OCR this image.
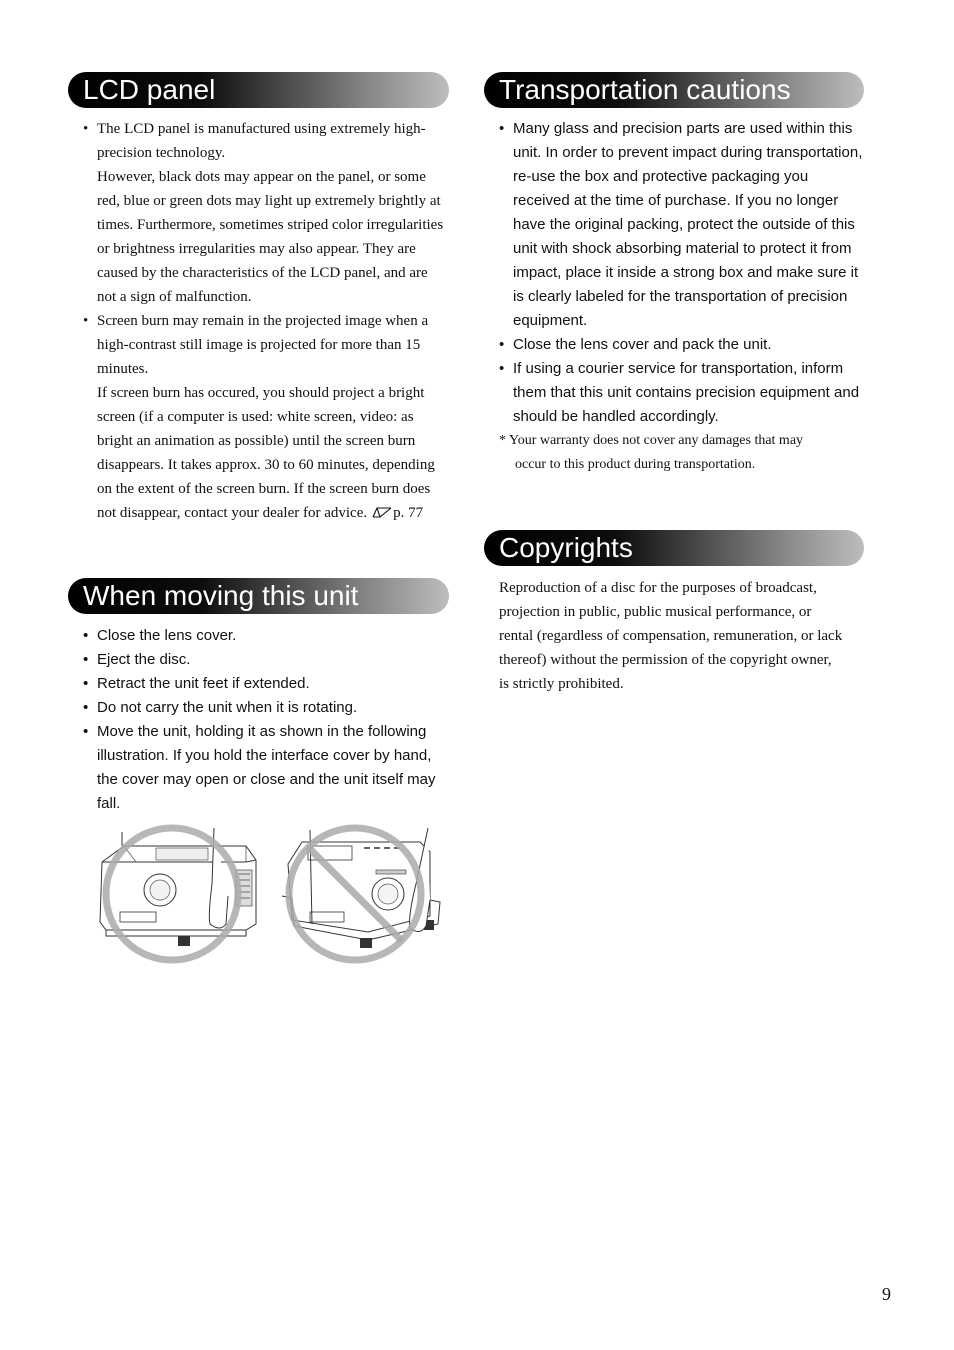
LCD panel

• The LCD panel is manufactured using extremely high-precision technology.

However, black dots may appear on the panel, or some red, blue or green dots may light up extremely brightly at times. Furthermore, sometimes striped color irregularities or brightness irregularities may also appear. They are caused by the characteristics of the LCD panel, and are not a sign of malfunction.

• Screen burn may remain in the projected image when a high-contrast still image is projected for more than 15 minutes.

If screen burn has occured, you should project a bright screen (if a computer is used: white screen, video: as bright an animation as possible) until the screen burn disappears. It takes approx. 30 to 60 minutes, depending on the extent of the screen burn. If the screen burn does not disappear, contact your dealer for advice. p. 77

When moving this unit
• Close the lens cover.
• Eject the disc.
• Retract the unit feet if extended.
• Do not carry the unit when it is rotating.
• Move the unit, holding it as shown in the following illustration. If you hold the interface cover by hand, the cover may open or close and the unit itself may fall.
Transportation cautions
• Many glass and precision parts are used within this unit. In order to prevent impact during transportation, re-use the box and protective packaging you received at the time of purchase. If you no longer have the original packing, protect the outside of this unit with shock absorbing material to protect it from impact, place it inside a strong box and make sure it is clearly labeled for the transportation of precision equipment.
• Close the lens cover and pack the unit.
• If using a courier service for transportation, inform them that this unit contains precision equipment and should be handled accordingly.

* Your warranty does not cover any damages that may
occur to this product during transportation.

Copyrights

Reproduction of a disc for the purposes of broadcast, projection in public, public musical performance, or rental (regardless of compensation, remuneration, or lack thereof) without the permission of the copyright owner, is strictly prohibited.

9
